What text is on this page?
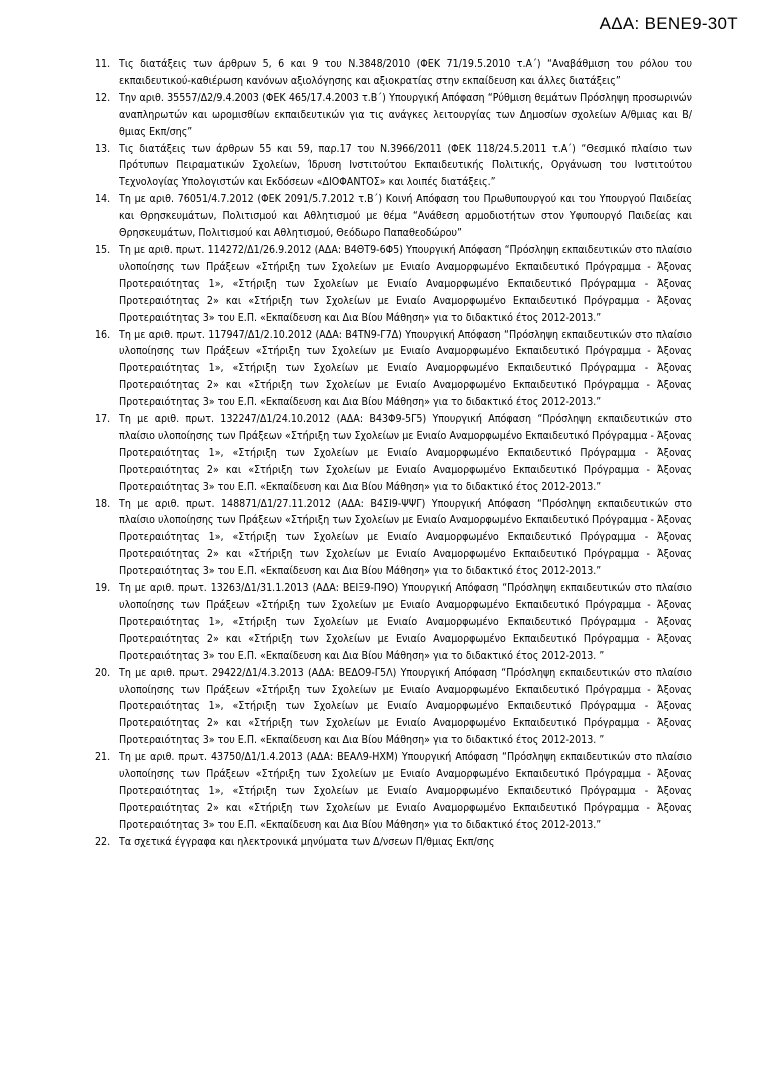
ΑΔΑ: ΒΕΝΕ9-30Τ
11. Τις διατάξεις των άρθρων 5, 6 και 9 του Ν.3848/2010 (ΦΕΚ 71/19.5.2010 τ.Α΄) “Αναβάθμιση του ρόλου του εκπαιδευτικού-καθιέρωση κανόνων αξιολόγησης και αξιοκρατίας στην εκπαίδευση και άλλες διατάξεις”
12. Την αριθ. 35557/Δ2/9.4.2003 (ΦΕΚ 465/17.4.2003 τ.Β΄) Υπουργική Απόφαση “Ρύθμιση θεμάτων Πρόσληψη προσωρινών αναπληρωτών και ωρομισθίων εκπαιδευτικών για τις ανάγκες λειτουργίας των Δημοσίων σχολείων Α/θμιας και Β/θμιας Εκπ/σης”
13. Τις διατάξεις των άρθρων 55 και 59, παρ.17 του Ν.3966/2011 (ΦΕΚ 118/24.5.2011 τ.Α΄) “Θεσμικό πλαίσιο των Πρότυπων Πειραματικών Σχολείων, Ίδρυση Ινστιτούτου Εκπαιδευτικής Πολιτικής, Οργάνωση του Ινστιτούτου Τεχνολογίας Υπολογιστών και Εκδόσεων «ΔΙΟΦΑΝΤΟΣ» και λοιπές διατάξεις.”
14. Τη με αριθ. 76051/4.7.2012 (ΦΕΚ 2091/5.7.2012 τ.Β΄) Κοινή Απόφαση του Πρωθυπουργού και του Υπουργού Παιδείας και Θρησκευμάτων, Πολιτισμού και Αθλητισμού με θέμα “Ανάθεση αρμοδιοτήτων στον Υφυπουργό Παιδείας και Θρησκευμάτων, Πολιτισμού και Αθλητισμού, Θεόδωρο Παπαθεοδώρου”
15. Τη με αριθ. πρωτ. 114272/Δ1/26.9.2012 (ΑΔΑ: Β4ΘΤ9-6Φ5) Υπουργική Απόφαση “Πρόσληψη εκπαιδευτικών στο πλαίσιο υλοποίησης των Πράξεων «Στήριξη των Σχολείων με Ενιαίο Αναμορφωμένο Εκπαιδευτικό Πρόγραμμα - Άξονας Προτεραιότητας 1», «Στήριξη των Σχολείων με Ενιαίο Αναμορφωμένο Εκπαιδευτικό Πρόγραμμα - Άξονας Προτεραιότητας 2» και «Στήριξη των Σχολείων με Ενιαίο Αναμορφωμένο Εκπαιδευτικό Πρόγραμμα - Άξονας Προτεραιότητας 3» του Ε.Π. «Εκπαίδευση και Δια Βίου Μάθηση» για το διδακτικό έτος 2012-2013.”
16. Τη με αριθ. πρωτ. 117947/Δ1/2.10.2012 (ΑΔΑ: Β4ΤΝ9-Γ7Δ) Υπουργική Απόφαση “Πρόσληψη εκπαιδευτικών στο πλαίσιο υλοποίησης των Πράξεων «Στήριξη των Σχολείων με Ενιαίο Αναμορφωμένο Εκπαιδευτικό Πρόγραμμα - Άξονας Προτεραιότητας 1», «Στήριξη των Σχολείων με Ενιαίο Αναμορφωμένο Εκπαιδευτικό Πρόγραμμα - Άξονας Προτεραιότητας 2» και «Στήριξη των Σχολείων με Ενιαίο Αναμορφωμένο Εκπαιδευτικό Πρόγραμμα - Άξονας Προτεραιότητας 3» του Ε.Π. «Εκπαίδευση και Δια Βίου Μάθηση» για το διδακτικό έτος 2012-2013.”
17. Τη με αριθ. πρωτ. 132247/Δ1/24.10.2012 (ΑΔΑ: Β43Φ9-5Γ5) Υπουργική Απόφαση “Πρόσληψη εκπαιδευτικών στο πλαίσιο υλοποίησης των Πράξεων «Στήριξη των Σχολείων με Ενιαίο Αναμορφωμένο Εκπαιδευτικό Πρόγραμμα - Άξονας Προτεραιότητας 1», «Στήριξη των Σχολείων με Ενιαίο Αναμορφωμένο Εκπαιδευτικό Πρόγραμμα - Άξονας Προτεραιότητας 2» και «Στήριξη των Σχολείων με Ενιαίο Αναμορφωμένο Εκπαιδευτικό Πρόγραμμα - Άξονας Προτεραιότητας 3» του Ε.Π. «Εκπαίδευση και Δια Βίου Μάθηση» για το διδακτικό έτος 2012-2013.”
18. Τη με αριθ. πρωτ. 148871/Δ1/27.11.2012 (ΑΔΑ: Β4ΣΙ9-ΨΨΓ) Υπουργική Απόφαση “Πρόσληψη εκπαιδευτικών στο πλαίσιο υλοποίησης των Πράξεων «Στήριξη των Σχολείων με Ενιαίο Αναμορφωμένο Εκπαιδευτικό Πρόγραμμα - Άξονας Προτεραιότητας 1», «Στήριξη των Σχολείων με Ενιαίο Αναμορφωμένο Εκπαιδευτικό Πρόγραμμα - Άξονας Προτεραιότητας 2» και «Στήριξη των Σχολείων με Ενιαίο Αναμορφωμένο Εκπαιδευτικό Πρόγραμμα - Άξονας Προτεραιότητας 3» του Ε.Π. «Εκπαίδευση και Δια Βίου Μάθηση» για το διδακτικό έτος 2012-2013.”
19. Τη με αριθ. πρωτ. 13263/Δ1/31.1.2013 (ΑΔΑ: ΒΕΙΞ9-Π9Ο) Υπουργική Απόφαση “Πρόσληψη εκπαιδευτικών στο πλαίσιο υλοποίησης των Πράξεων «Στήριξη των Σχολείων με Ενιαίο Αναμορφωμένο Εκπαιδευτικό Πρόγραμμα - Άξονας Προτεραιότητας 1», «Στήριξη των Σχολείων με Ενιαίο Αναμορφωμένο Εκπαιδευτικό Πρόγραμμα - Άξονας Προτεραιότητας 2» και «Στήριξη των Σχολείων με Ενιαίο Αναμορφωμένο Εκπαιδευτικό Πρόγραμμα - Άξονας Προτεραιότητας 3» του Ε.Π. «Εκπαίδευση και Δια Βίου Μάθηση» για το διδακτικό έτος 2012-2013. ”
20. Τη με αριθ. πρωτ. 29422/Δ1/4.3.2013 (ΑΔΑ: ΒΕΔΟ9-Γ5Λ) Υπουργική Απόφαση “Πρόσληψη εκπαιδευτικών στο πλαίσιο υλοποίησης των Πράξεων «Στήριξη των Σχολείων με Ενιαίο Αναμορφωμένο Εκπαιδευτικό Πρόγραμμα - Άξονας Προτεραιότητας 1», «Στήριξη των Σχολείων με Ενιαίο Αναμορφωμένο Εκπαιδευτικό Πρόγραμμα - Άξονας Προτεραιότητας 2» και «Στήριξη των Σχολείων με Ενιαίο Αναμορφωμένο Εκπαιδευτικό Πρόγραμμα - Άξονας Προτεραιότητας 3» του Ε.Π. «Εκπαίδευση και Δια Βίου Μάθηση» για το διδακτικό έτος 2012-2013. ”
21. Τη με αριθ. πρωτ. 43750/Δ1/1.4.2013 (ΑΔΑ: ΒΕΑΛ9-ΗΧΜ) Υπουργική Απόφαση “Πρόσληψη εκπαιδευτικών στο πλαίσιο υλοποίησης των Πράξεων «Στήριξη των Σχολείων με Ενιαίο Αναμορφωμένο Εκπαιδευτικό Πρόγραμμα - Άξονας Προτεραιότητας 1», «Στήριξη των Σχολείων με Ενιαίο Αναμορφωμένο Εκπαιδευτικό Πρόγραμμα - Άξονας Προτεραιότητας 2» και «Στήριξη των Σχολείων με Ενιαίο Αναμορφωμένο Εκπαιδευτικό Πρόγραμμα - Άξονας Προτεραιότητας 3» του Ε.Π. «Εκπαίδευση και Δια Βίου Μάθηση» για το διδακτικό έτος 2012-2013.”
22. Τα σχετικά έγγραφα και ηλεκτρονικά μηνύματα των Δ/νσεων Π/θμιας Εκπ/σης
